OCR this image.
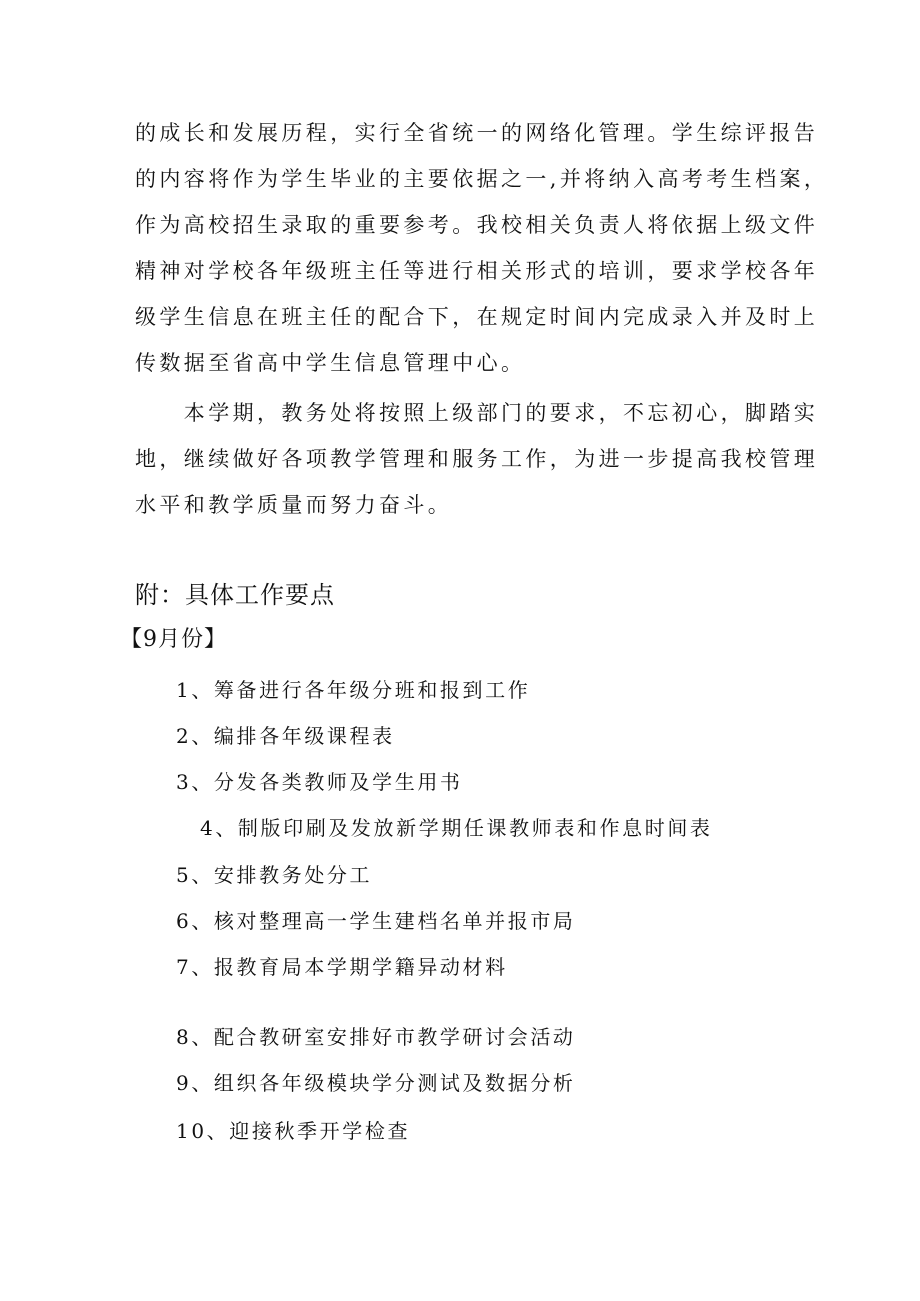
的成长和发展历程，实行全省统一的网络化管理。学生综评报告
的内容将作为学生毕业的主要依据之一,并将纳入高考考生档案，
作为高校招生录取的重要参考。我校相关负责人将依据上级文件
精神对学校各年级班主任等进行相关形式的培训，要求学校各年
级学生信息在班主任的配合下，在规定时间内完成录入并及时上
传数据至省高中学生信息管理中心。
　　本学期，教务处将按照上级部门的要求，不忘初心，脚踏实
地，继续做好各项教学管理和服务工作，为进一步提高我校管理
水平和教学质量而努力奋斗。
附：具体工作要点
【9月份】
1、筹备进行各年级分班和报到工作
2、编排各年级课程表
3、分发各类教师及学生用书
4、制版印刷及发放新学期任课教师表和作息时间表
5、安排教务处分工
6、核对整理高一学生建档名单并报市局
7、报教育局本学期学籍异动材料
8、配合教研室安排好市教学研讨会活动
9、组织各年级模块学分测试及数据分析
10、迎接秋季开学检查
